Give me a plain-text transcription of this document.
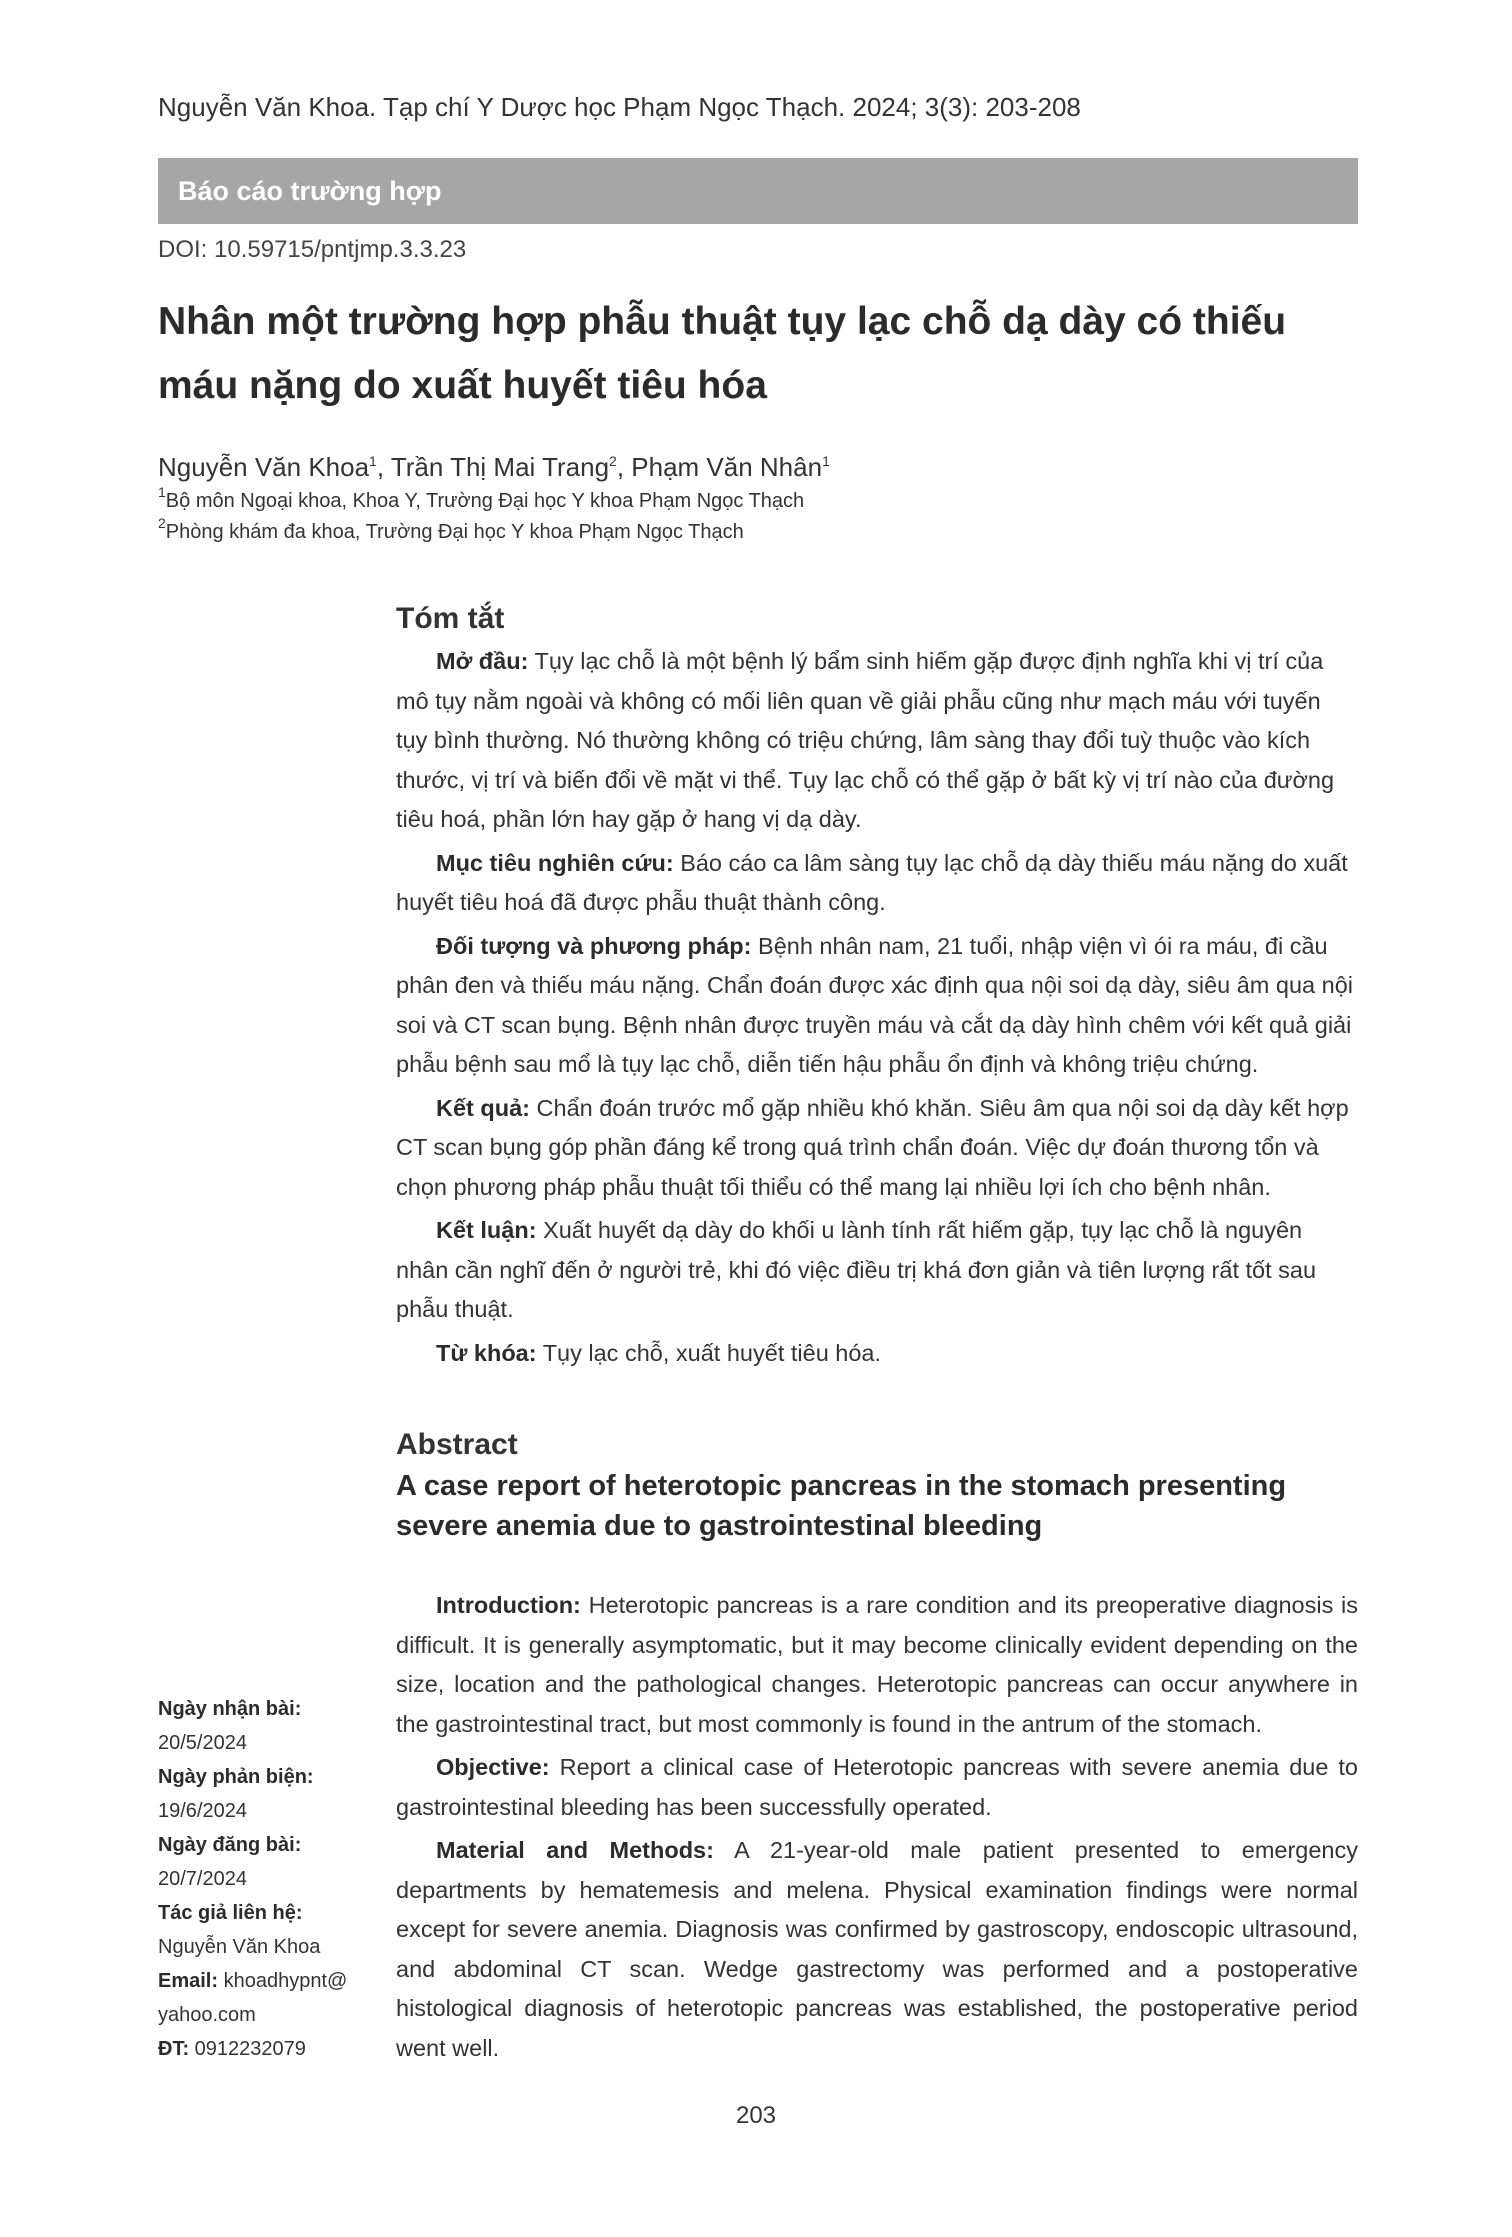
Nguyễn Văn Khoa. Tạp chí Y Dược học Phạm Ngọc Thạch. 2024; 3(3): 203-208
Báo cáo trường hợp
DOI: 10.59715/pntjmp.3.3.23
Nhân một trường hợp phẫu thuật tụy lạc chỗ dạ dày có thiếu máu nặng do xuất huyết tiêu hóa
Nguyễn Văn Khoa$^1$, Trần Thị Mai Trang$^2$, Phạm Văn Nhân$^1$
$^1$Bộ môn Ngoại khoa, Khoa Y, Trường Đại học Y khoa Phạm Ngọc Thạch
$^2$Phòng khám đa khoa, Trường Đại học Y khoa Phạm Ngọc Thạch
Tóm tắt

Mở đầu: Tụy lạc chỗ là một bệnh lý bẩm sinh hiếm gặp được định nghĩa khi vị trí của mô tụy nằm ngoài và không có mối liên quan về giải phẫu cũng như mạch máu với tuyến tụy bình thường. Nó thường không có triệu chứng, lâm sàng thay đổi tuỳ thuộc vào kích thước, vị trí và biến đổi về mặt vi thể. Tụy lạc chỗ có thể gặp ở bất kỳ vị trí nào của đường tiêu hoá, phần lớn hay gặp ở hang vị dạ dày.

Mục tiêu nghiên cứu: Báo cáo ca lâm sàng tụy lạc chỗ dạ dày thiếu máu nặng do xuất huyết tiêu hoá đã được phẫu thuật thành công.

Đối tượng và phương pháp: Bệnh nhân nam, 21 tuổi, nhập viện vì ói ra máu, đi cầu phân đen và thiếu máu nặng. Chẩn đoán được xác định qua nội soi dạ dày, siêu âm qua nội soi và CT scan bụng. Bệnh nhân được truyền máu và cắt dạ dày hình chêm với kết quả giải phẫu bệnh sau mổ là tụy lạc chỗ, diễn tiến hậu phẫu ổn định và không triệu chứng.

Kết quả: Chẩn đoán trước mổ gặp nhiều khó khăn. Siêu âm qua nội soi dạ dày kết hợp CT scan bụng góp phần đáng kể trong quá trình chẩn đoán. Việc dự đoán thương tổn và chọn phương pháp phẫu thuật tối thiểu có thể mang lại nhiều lợi ích cho bệnh nhân.

Kết luận: Xuất huyết dạ dày do khối u lành tính rất hiếm gặp, tụy lạc chỗ là nguyên nhân cần nghĩ đến ở người trẻ, khi đó việc điều trị khá đơn giản và tiên lượng rất tốt sau phẫu thuật.

Từ khóa: Tụy lạc chỗ, xuất huyết tiêu hóa.

Abstract
A case report of heterotopic pancreas in the stomach presenting severe anemia due to gastrointestinal bleeding

Introduction: Heterotopic pancreas is a rare condition and its preoperative diagnosis is difficult. It is generally asymptomatic, but it may become clinically evident depending on the size, location and the pathological changes. Heterotopic pancreas can occur anywhere in the gastrointestinal tract, but most commonly is found in the antrum of the stomach.

Objective: Report a clinical case of Heterotopic pancreas with severe anemia due to gastrointestinal bleeding has been successfully operated.

Material and Methods: A 21-year-old male patient presented to emergency departments by hematemesis and melena. Physical examination findings were normal except for severe anemia. Diagnosis was confirmed by gastroscopy, endoscopic ultrasound, and abdominal CT scan. Wedge gastrectomy was performed and a postoperative histological diagnosis of heterotopic pancreas was established, the postoperative period went well.

Ngày nhận bài:
20/5/2024
Ngày phản biện:
19/6/2024
Ngày đăng bài:
20/7/2024
Tác giả liên hệ:
Nguyễn Văn Khoa
Email: khoadhypnt@
yahoo.com
ĐT: 0912232079
203
